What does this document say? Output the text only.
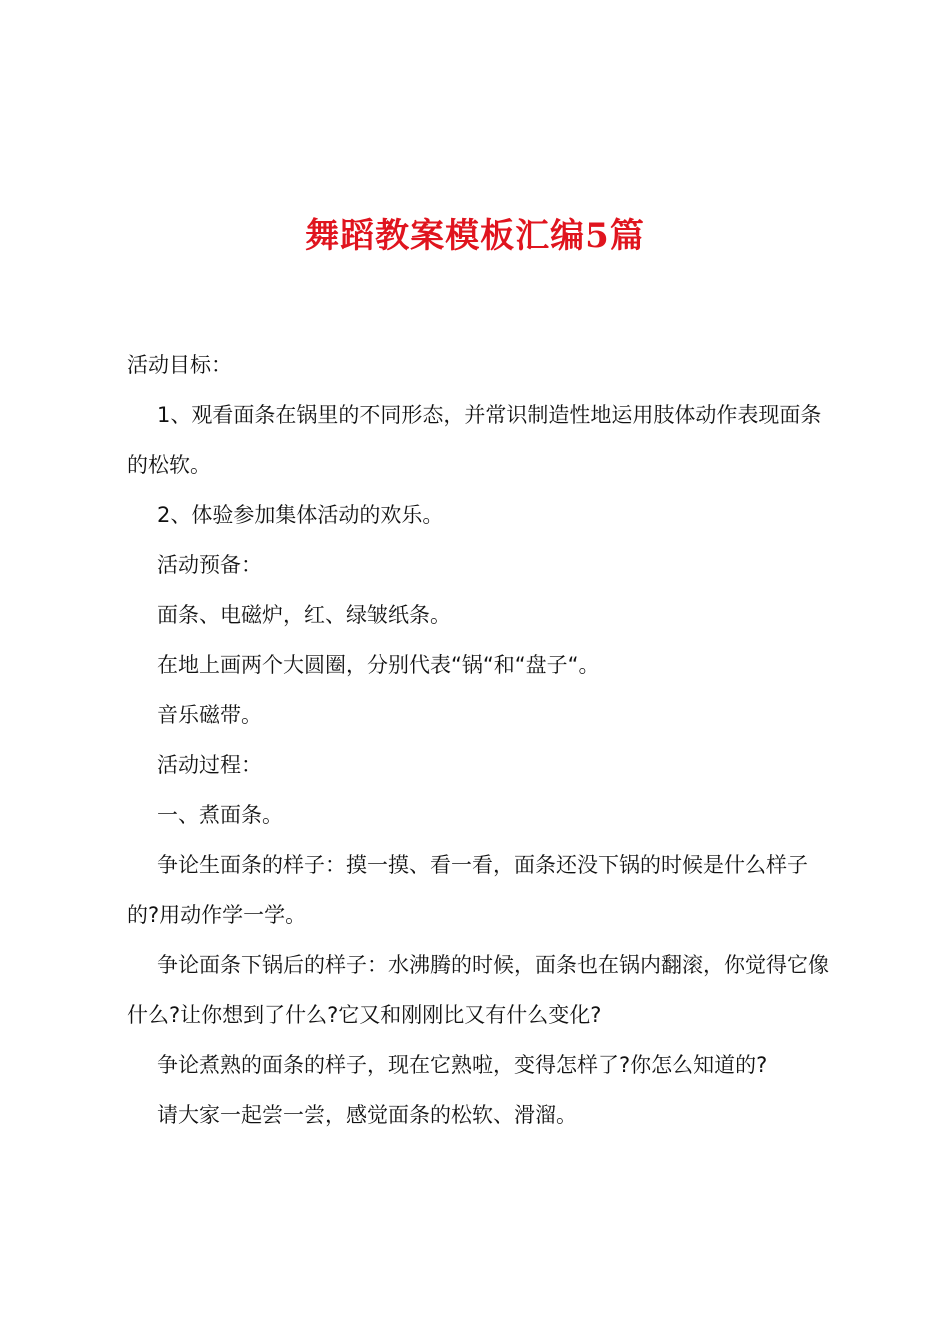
舞蹈教案模板汇编5篇

活动目标：

1、观看面条在锅里的不同形态，并常识制造性地运用肢体动作表现面条的松软。

2、体验参加集体活动的欢乐。

活动预备：

面条、电磁炉，红、绿皱纸条。

在地上画两个大圆圈，分别代表“锅“和“盘子“。

音乐磁带。

活动过程：

一、煮面条。

争论生面条的样子：摸一摸、看一看，面条还没下锅的时候是什么样子的?用动作学一学。

争论面条下锅后的样子：水沸腾的时候，面条也在锅内翻滚，你觉得它像什么?让你想到了什么?它又和刚刚比又有什么变化?

争论煮熟的面条的样子，现在它熟啦，变得怎样了?你怎么知道的?

请大家一起尝一尝，感觉面条的松软、滑溜。
